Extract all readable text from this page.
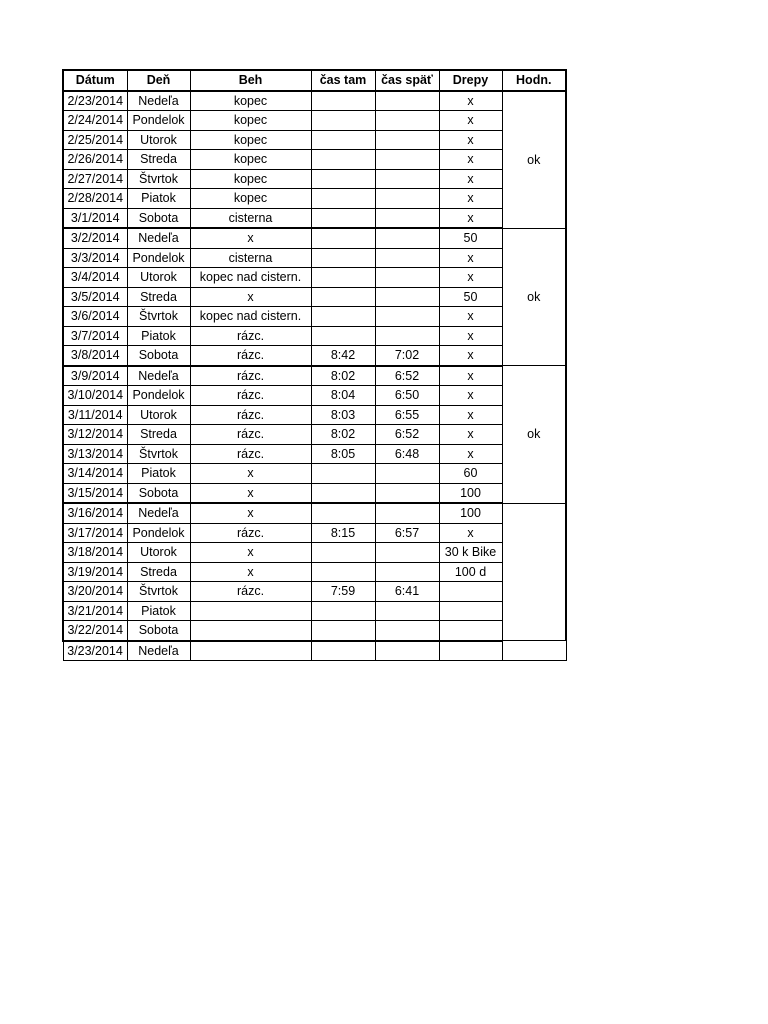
Dátum	Deň	Beh	čas tam	čas späť	Drepy	Hodn.
2/23/2014	Nedeľa	kopec			x	ok
2/24/2014	Pondelok	kopec			x	
2/25/2014	Utorok	kopec			x	
2/26/2014	Streda	kopec			x	
2/27/2014	Štvrtok	kopec			x	
2/28/2014	Piatok	kopec			x	
3/1/2014	Sobota	cisterna			x	
3/2/2014	Nedeľa	x			50	ok
3/3/2014	Pondelok	cisterna			x	
3/4/2014	Utorok	kopec nad cistern.			x	
3/5/2014	Streda	x			50	
3/6/2014	Štvrtok	kopec nad cistern.			x	
3/7/2014	Piatok	rázc.			x	
3/8/2014	Sobota	rázc.	8:42	7:02	x	
3/9/2014	Nedeľa	rázc.	8:02	6:52	x	ok
3/10/2014	Pondelok	rázc.	8:04	6:50	x	
3/11/2014	Utorok	rázc.	8:03	6:55	x	
3/12/2014	Streda	rázc.	8:02	6:52	x	
3/13/2014	Štvrtok	rázc.	8:05	6:48	x	
3/14/2014	Piatok	x			60	
3/15/2014	Sobota	x			100	
3/16/2014	Nedeľa	x			100	
3/17/2014	Pondelok	rázc.	8:15	6:57	x	
3/18/2014	Utorok	x			30 k Bike	
3/19/2014	Streda	x			100 d	
3/20/2014	Štvrtok	rázc.	7:59	6:41		
3/21/2014	Piatok					
3/22/2014	Sobota					
3/23/2014	Nedeľa					
